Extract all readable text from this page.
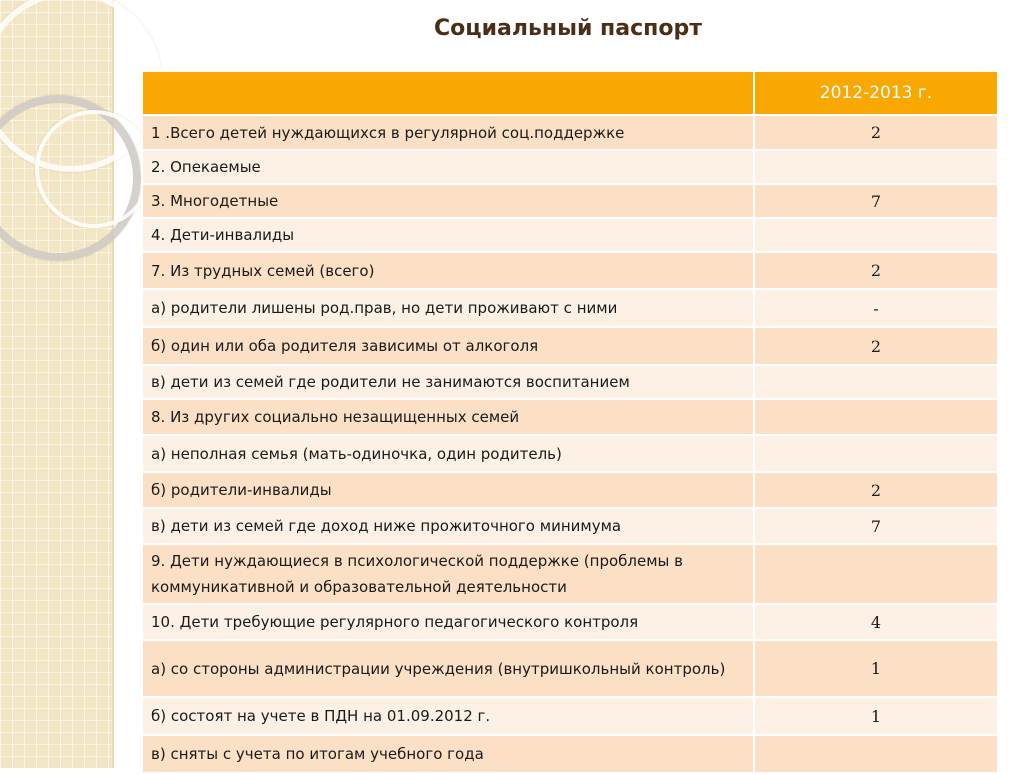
Социальный паспорт
	2012-2013 г.
1 .Всего детей нуждающихся в регулярной соц.поддержке	2
2. Опекаемые	
3. Многодетные	7
4. Дети-инвалиды	
7. Из трудных семей (всего)	2
а) родители лишены род.прав, но дети проживают с ними	-
б) один или оба родителя зависимы от алкоголя	2
в) дети из семей где родители не занимаются воспитанием	
8. Из других социально незащищенных семей	
а) неполная семья (мать-одиночка, один родитель)	
б) родители-инвалиды	2
в) дети из семей где доход ниже прожиточного минимума	7
9. Дети нуждающиеся в психологической поддержке (проблемы в коммуникативной и образовательной деятельности	
10. Дети требующие регулярного педагогического контроля	4
а) со стороны администрации учреждения (внутришкольный контроль)	1
б) состоят на учете в ПДН на 01.09.2012 г.	1
в) сняты с учета по итогам учебного года	
